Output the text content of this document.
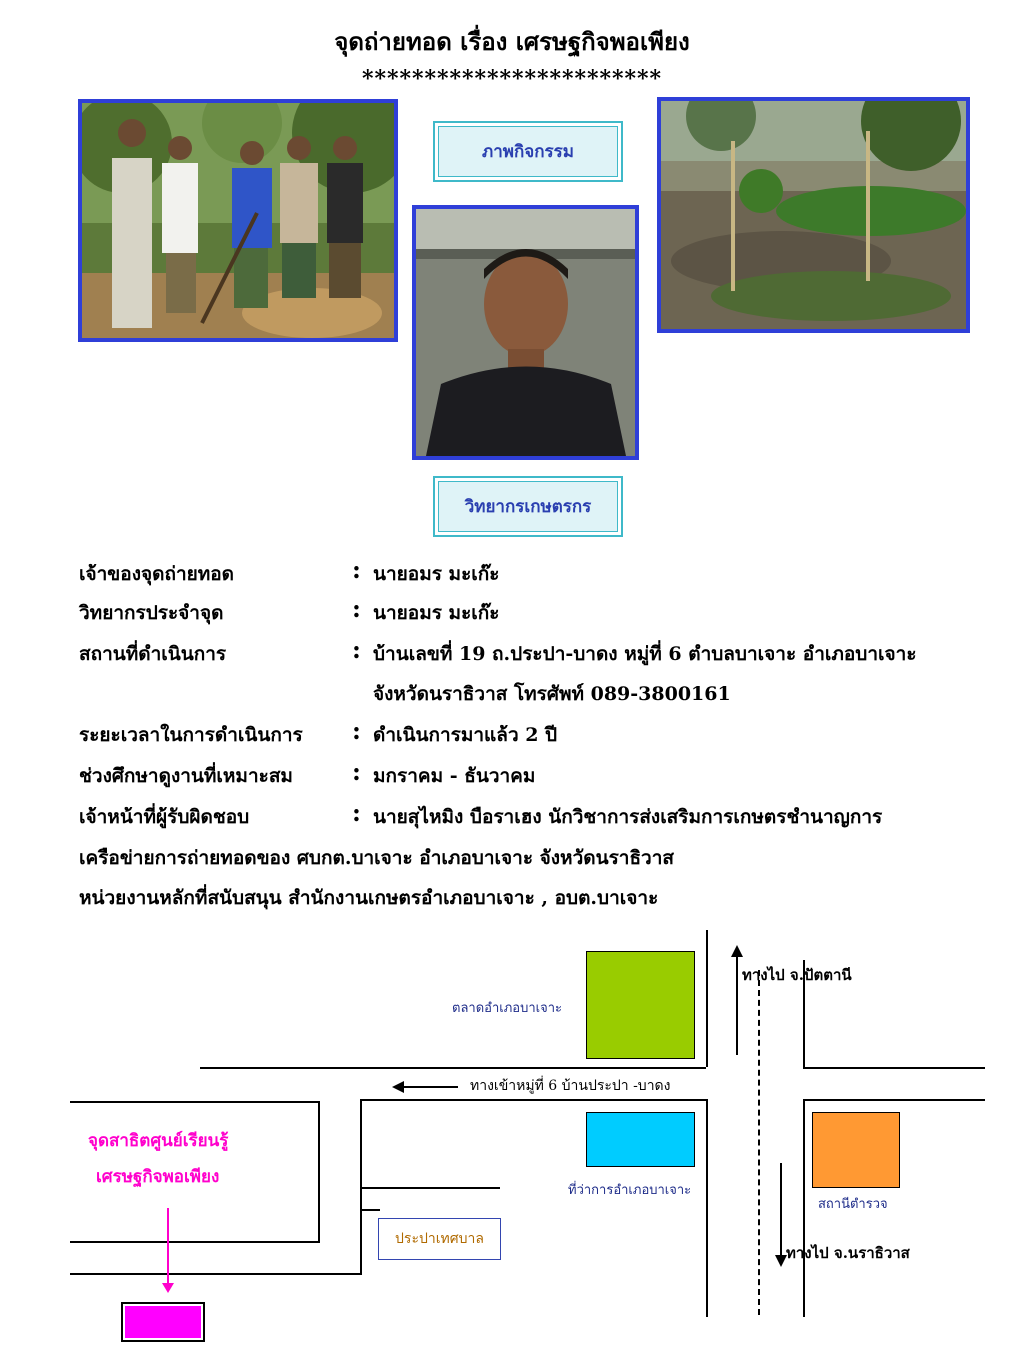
จุดถ่ายทอด เรื่อง เศรษฐกิจพอเพียง
************************
ภาพกิจกรรม
วิทยากรเกษตรกร
เจ้าของจุดถ่ายทอด	: นายอมร มะเก๊ะ
วิทยากรประจำจุด	: นายอมร มะเก๊ะ
สถานที่ดำเนินการ	: บ้านเลขที่ 19 ถ.ประปา-บาดง หมู่ที่ 6 ตำบลบาเจาะ อำเภอบาเจาะ
จังหวัดนราธิวาส โทรศัพท์ 089-3800161
ระยะเวลาในการดำเนินการ : ดำเนินการมาแล้ว 2 ปี
ช่วงศึกษาดูงานที่เหมาะสม : มกราคม - ธันวาคม
เจ้าหน้าที่ผู้รับผิดชอบ	: นายสุไหมิง บือราเฮง นักวิชาการส่งเสริมการเกษตรชำนาญการ
เครือข่ายการถ่ายทอดของ ศบกต.บาเจาะ อำเภอบาเจาะ จังหวัดนราธิวาส
หน่วยงานหลักที่สนับสนุน สำนักงานเกษตรอำเภอบาเจาะ , อบต.บาเจาะ
ตลาดอำเภอบาเจาะ
ที่ว่าการอำเภอบาเจาะ
สถานีตำรวจ
ประปาเทศบาล
ทางไป จ.ปัตตานี
ทางไป จ.นราธิวาส
ทางเข้าหมู่ที่ 6 บ้านประปา -บาดง
จุดสาธิตศูนย์เรียนรู้
เศรษฐกิจพอเพียง
